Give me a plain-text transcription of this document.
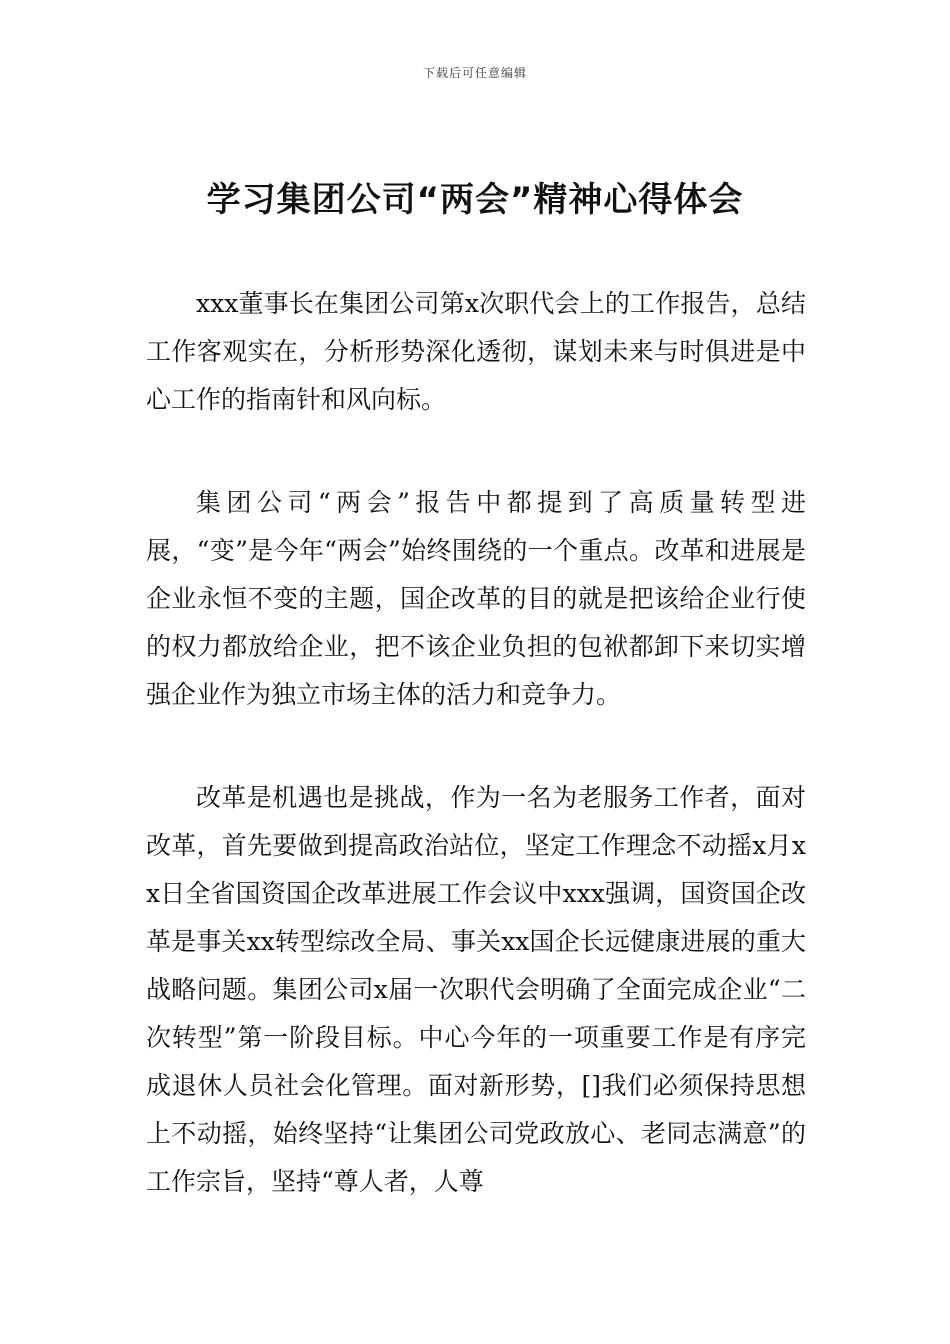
下载后可任意编辑
学习集团公司“两会”精神心得体会

xxx董事长在集团公司第x次职代会上的工作报告，总结工作客观实在，分析形势深化透彻，谋划未来与时俱进是中心工作的指南针和风向标。

集团公司“两会”报告中都提到了高质量转型进展，“变”是今年“两会”始终围绕的一个重点。改革和进展是企业永恒不变的主题，国企改革的目的就是把该给企业行使的权力都放给企业，把不该企业负担的包袱都卸下来切实增强企业作为独立市场主体的活力和竞争力。

改革是机遇也是挑战，作为一名为老服务工作者，面对改革，首先要做到提高政治站位，坚定工作理念不动摇x月xx日全省国资国企改革进展工作会议中xxx强调，国资国企改革是事关xx转型综改全局、事关xx国企长远健康进展的重大战略问题。集团公司x届一次职代会明确了全面完成企业“二次转型”第一阶段目标。中心今年的一项重要工作是有序完成退休人员社会化管理。面对新形势，[]我们必须保持思想上不动摇，始终坚持“让集团公司党政放心、老同志满意”的工作宗旨，坚持“尊人者，人尊
